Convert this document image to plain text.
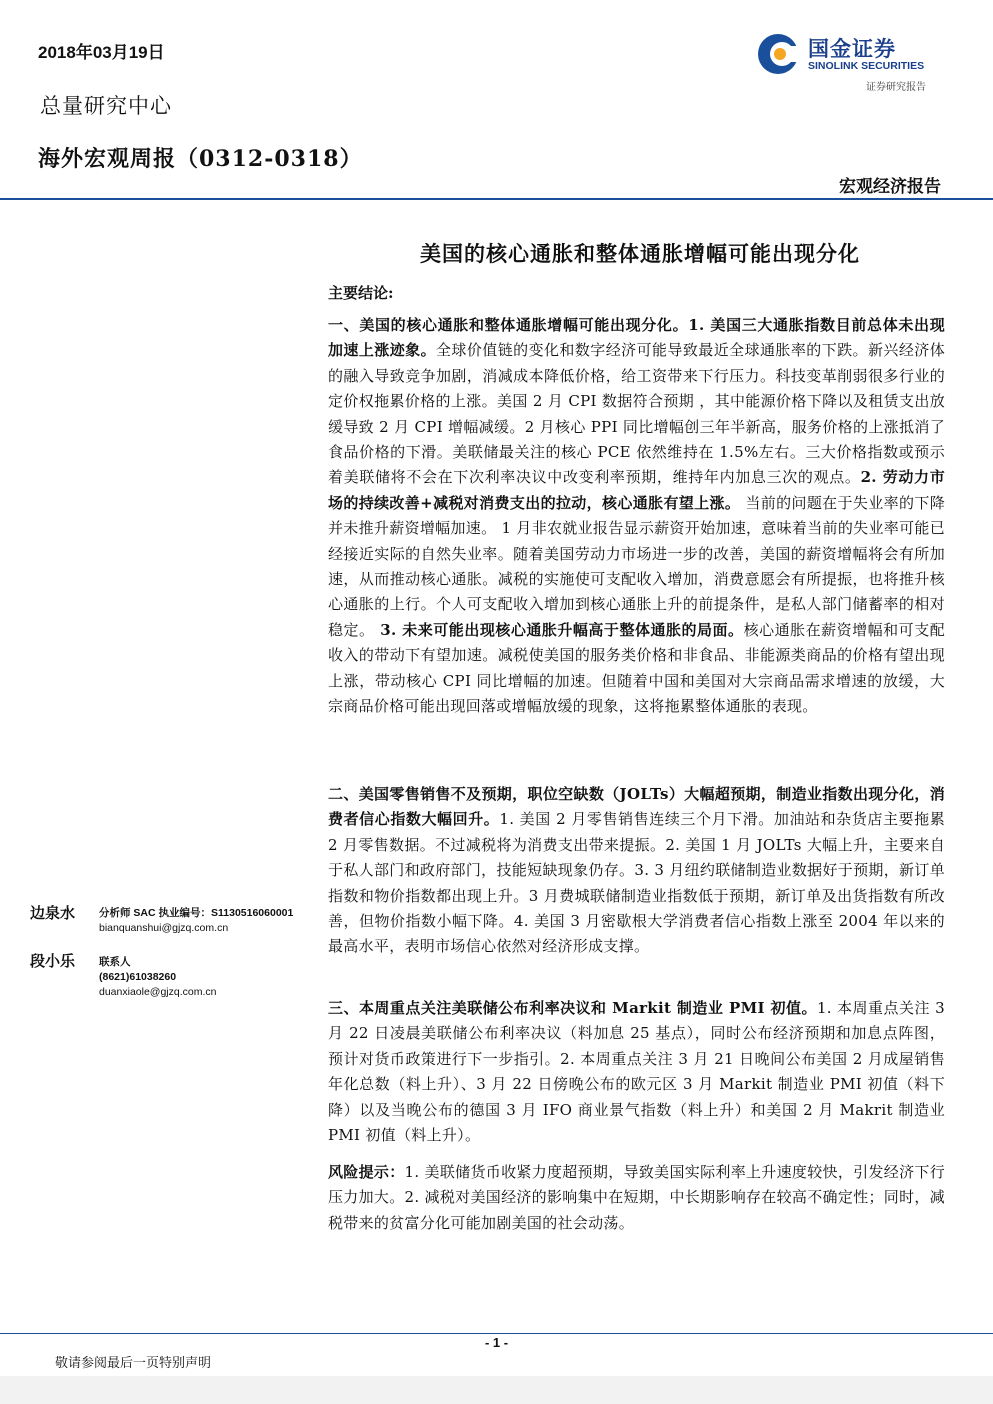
2018年03月19日
总量研究中心
海外宏观周报（0312-0318）
国金证券
SINOLINK SECURITIES
证券研究报告
宏观经济报告
美国的核心通胀和整体通胀增幅可能出现分化
主要结论:
一、美国的核心通胀和整体通胀增幅可能出现分化。1. 美国三大通胀指数目前总体未出现加速上涨迹象。全球价值链的变化和数字经济可能导致最近全球通胀率的下跌。新兴经济体的融入导致竞争加剧，消减成本降低价格，给工资带来下行压力。科技变革削弱很多行业的定价权拖累价格的上涨。美国 2 月 CPI 数据符合预期 ，其中能源价格下降以及租赁支出放缓导致 2 月 CPI 增幅减缓。2 月核心 PPI 同比增幅创三年半新高，服务价格的上涨抵消了食品价格的下滑。美联储最关注的核心 PCE 依然维持在 1.5%左右。三大价格指数或预示着美联储将不会在下次利率决议中改变利率预期，维持年内加息三次的观点。2. 劳动力市场的持续改善+减税对消费支出的拉动，核心通胀有望上涨。 当前的问题在于失业率的下降并未推升薪资增幅加速。 1 月非农就业报告显示薪资开始加速，意味着当前的失业率可能已经接近实际的自然失业率。随着美国劳动力市场进一步的改善，美国的薪资增幅将会有所加速，从而推动核心通胀。减税的实施使可支配收入增加，消费意愿会有所提振，也将推升核心通胀的上行。个人可支配收入增加到核心通胀上升的前提条件，是私人部门储蓄率的相对稳定。 3. 未来可能出现核心通胀升幅高于整体通胀的局面。核心通胀在薪资增幅和可支配收入的带动下有望加速。减税使美国的服务类价格和非食品、非能源类商品的价格有望出现上涨，带动核心 CPI 同比增幅的加速。但随着中国和美国对大宗商品需求增速的放缓，大宗商品价格可能出现回落或增幅放缓的现象，这将拖累整体通胀的表现。
二、美国零售销售不及预期，职位空缺数（JOLTs）大幅超预期，制造业指数出现分化，消费者信心指数大幅回升。1. 美国 2 月零售销售连续三个月下滑。加油站和杂货店主要拖累 2 月零售数据。不过减税将为消费支出带来提振。2. 美国 1 月 JOLTs 大幅上升，主要来自于私人部门和政府部门，技能短缺现象仍存。3. 3 月纽约联储制造业数据好于预期，新订单指数和物价指数都出现上升。3 月费城联储制造业指数低于预期，新订单及出货指数有所改善，但物价指数小幅下降。4. 美国 3 月密歇根大学消费者信心指数上涨至 2004 年以来的最高水平，表明市场信心依然对经济形成支撑。
三、本周重点关注美联储公布利率决议和 Markit 制造业 PMI 初值。1. 本周重点关注 3 月 22 日凌晨美联储公布利率决议（料加息 25 基点），同时公布经济预期和加息点阵图，预计对货币政策进行下一步指引。2. 本周重点关注 3 月 21 日晚间公布美国 2 月成屋销售年化总数（料上升）、3 月 22 日傍晚公布的欧元区 3 月 Markit 制造业 PMI 初值（料下降）以及当晚公布的德国 3 月 IFO 商业景气指数（料上升）和美国 2 月 Makrit 制造业 PMI 初值（料上升）。
风险提示：1. 美联储货币收紧力度超预期，导致美国实际利率上升速度较快，引发经济下行压力加大。2. 减税对美国经济的影响集中在短期，中长期影响存在较高不确定性；同时，减税带来的贫富分化可能加剧美国的社会动荡。
边泉水 分析师 SAC 执业编号：S1130516060001
bianquanshui@gjzq.com.cn
段小乐 联系人
(8621)61038260
duanxiaole@gjzq.com.cn
- 1 -
敬请参阅最后一页特别声明
